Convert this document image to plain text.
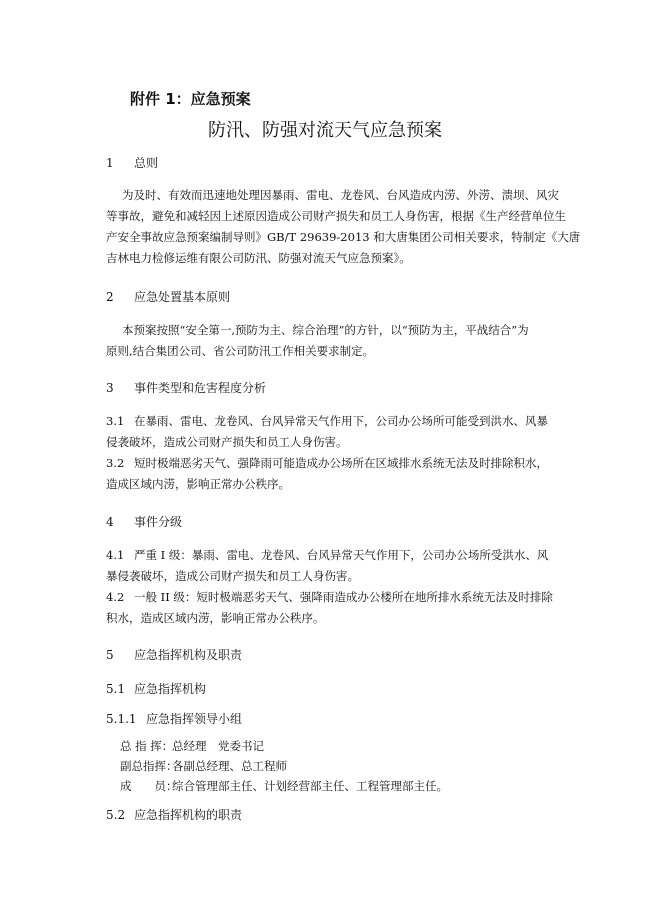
附件 1：应急预案
防汛、防强对流天气应急预案
1 总则
为及时、有效而迅速地处理因暴雨、雷电、龙卷风、台风造成内涝、外涝、溃坝、风灾
等事故，避免和减轻因上述原因造成公司财产损失和员工人身伤害，根据《生产经营单位生
产安全事故应急预案编制导则》GB/T 29639-2013 和大唐集团公司相关要求，特制定《大唐
吉林电力检修运维有限公司防汛、防强对流天气应急预案》。
2 应急处置基本原则
本预案按照“安全第一,预防为主、综合治理”的方针，以“预防为主，平战结合”为
原则,结合集团公司、省公司防汛工作相关要求制定。
3 事件类型和危害程度分析
3.1 在暴雨、雷电、龙卷风、台风异常天气作用下，公司办公场所可能受到洪水、风暴
侵袭破坏，造成公司财产损失和员工人身伤害。
3.2 短时极端恶劣天气、强降雨可能造成办公场所在区域排水系统无法及时排除积水，
造成区域内涝，影响正常办公秩序。
4 事件分级
4.1 严重 I 级：暴雨、雷电、龙卷风、台风异常天气作用下，公司办公场所受洪水、风
暴侵袭破坏，造成公司财产损失和员工人身伤害。
4.2 一般 II 级：短时极端恶劣天气、强降雨造成办公楼所在地所排水系统无法及时排除
积水，造成区域内涝，影响正常办公秩序。
5 应急指挥机构及职责
5.1 应急指挥机构
5.1.1 应急指挥领导小组
总 指 挥：总经理　党委书记
副总指挥：各副总经理、总工程师
成　　员：综合管理部主任、计划经营部主任、工程管理部主任。
5.2 应急指挥机构的职责
